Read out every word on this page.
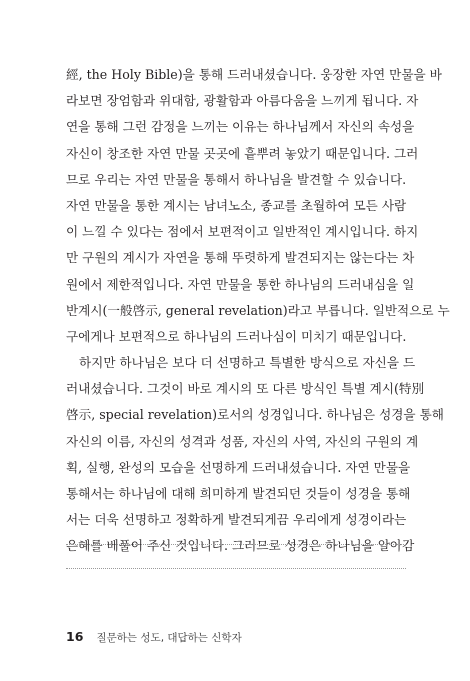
經, the Holy Bible)을 통해 드러내셨습니다. 웅장한 자연 만물을 바
라보면 장엄함과 위대함, 광활함과 아름다움을 느끼게 됩니다. 자
연을 통해 그런 감정을 느끼는 이유는 하나님께서 자신의 속성을
자신이 창조한 자연 만물 곳곳에 흩뿌려 놓았기 때문입니다. 그러
므로 우리는 자연 만물을 통해서 하나님을 발견할 수 있습니다.
자연 만물을 통한 계시는 남녀노소, 종교를 초월하여 모든 사람
이 느낄 수 있다는 점에서 보편적이고 일반적인 계시입니다. 하지
만 구원의 계시가 자연을 통해 뚜렷하게 발견되지는 않는다는 차
원에서 제한적입니다. 자연 만물을 통한 하나님의 드러내심을 일
반계시(一般啓示, general revelation)라고 부릅니다. 일반적으로 누
구에게나 보편적으로 하나님의 드러나심이 미치기 때문입니다.
하지만 하나님은 보다 더 선명하고 특별한 방식으로 자신을 드
러내셨습니다. 그것이 바로 계시의 또 다른 방식인 특별 계시(特別
啓示, special revelation)로서의 성경입니다. 하나님은 성경을 통해
자신의 이름, 자신의 성격과 성품, 자신의 사역, 자신의 구원의 계
획, 실행, 완성의 모습을 선명하게 드러내셨습니다. 자연 만물을
통해서는 하나님에 대해 희미하게 발견되던 것들이 성경을 통해
서는 더욱 선명하고 정확하게 발견되게끔 우리에게 성경이라는
은혜를 베풀어 주신 것입니다. 그러므로 성경은 하나님을 알아감
16 질문하는 성도, 대답하는 신학자
